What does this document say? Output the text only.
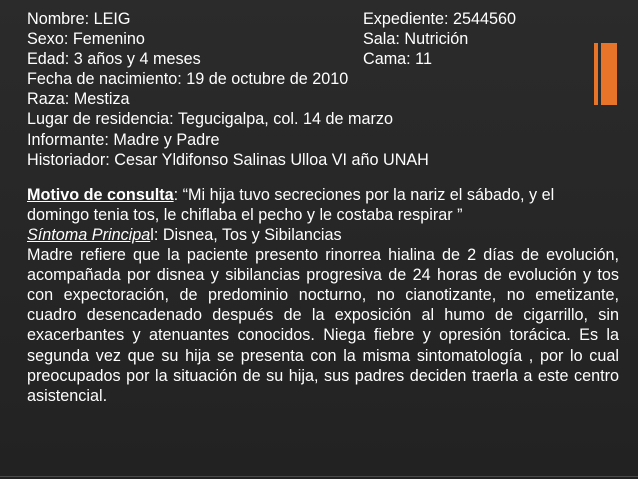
Nombre: LEIG	Expediente: 2544560
Sexo: Femenino	Sala: Nutrición
Edad: 3 años y 4 meses	Cama: 11
Fecha de nacimiento: 19 de octubre de 2010
Raza: Mestiza
Lugar de residencia: Tegucigalpa, col. 14 de marzo
Informante: Madre y Padre
Historiador: Cesar Yldifonso Salinas Ulloa VI año UNAH
Motivo de consulta: “Mi hija tuvo secreciones por la nariz el sábado, y el
domingo tenia tos, le chiflaba el pecho y le costaba respirar ”
Síntoma Principal: Disnea, Tos y Sibilancias
Madre refiere que la paciente presento rinorrea hialina de 2 días de evolución, acompañada por disnea y sibilancias progresiva de 24 horas de evolución y tos con expectoración, de predominio nocturno, no cianotizante, no emetizante, cuadro desencadenado después de la exposición al humo de cigarrillo, sin exacerbantes y atenuantes conocidos. Niega fiebre y opresión torácica. Es la segunda vez que su hija se presenta con la misma sintomatología , por lo cual preocupados por la situación de su hija, sus padres deciden traerla a este centro asistencial.
